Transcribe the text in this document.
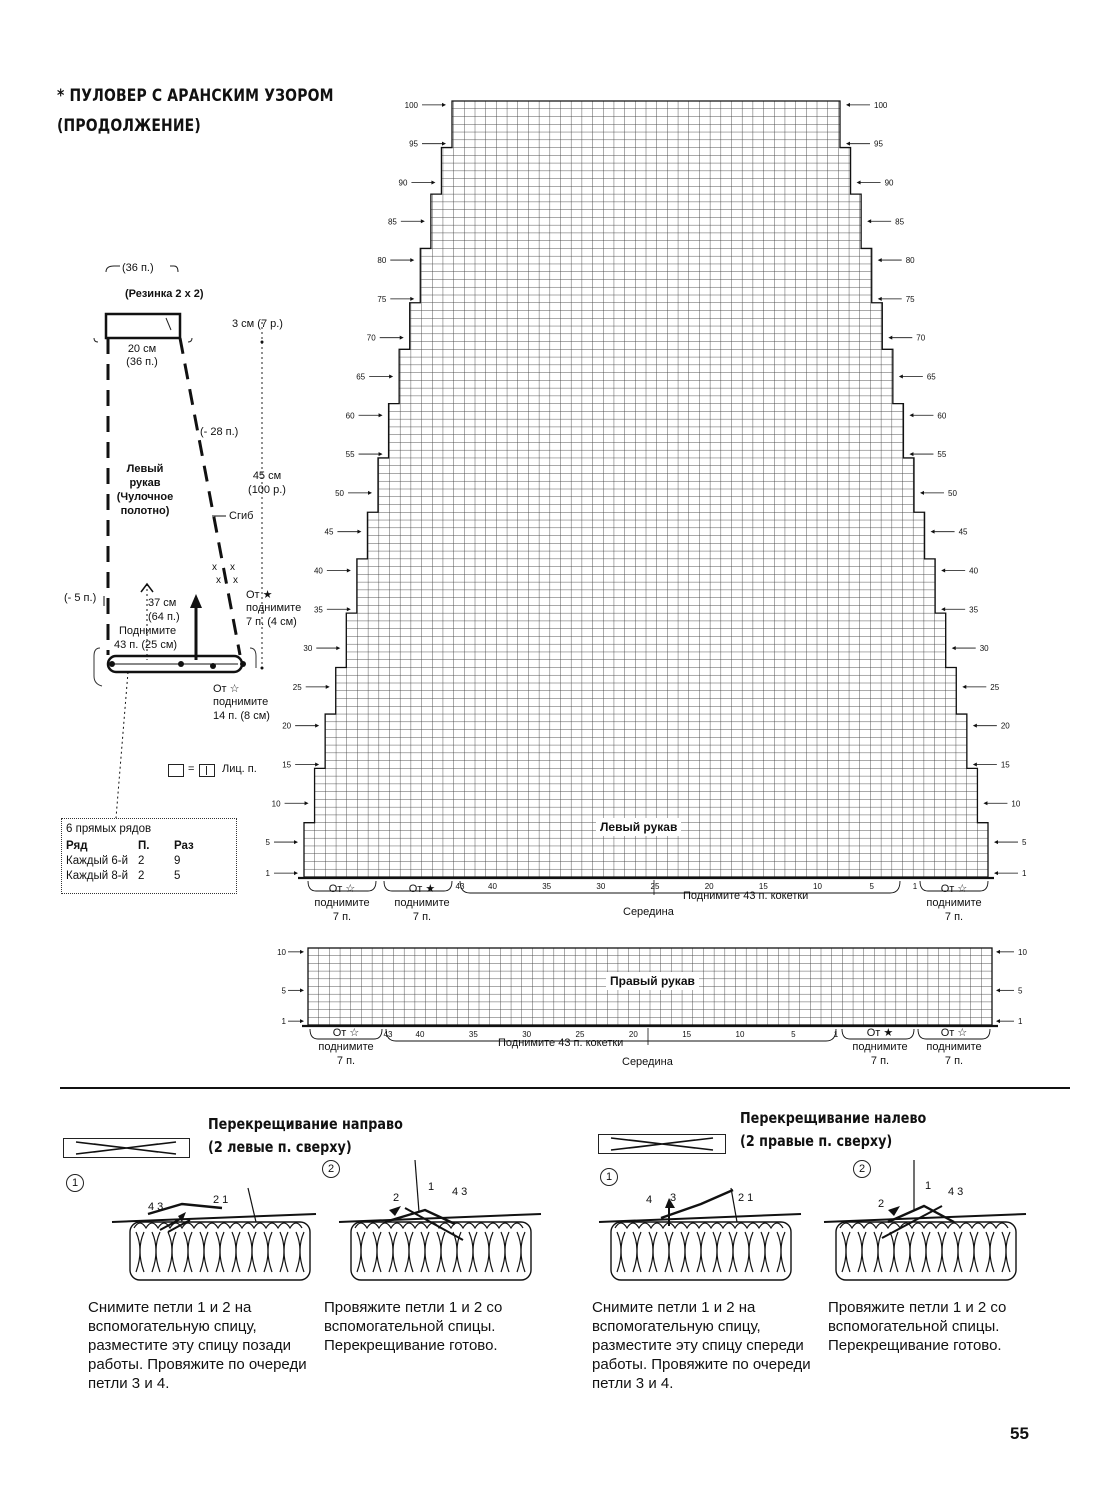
* ПУЛОВЕР С АРАНСКИМ УЗОРОМ
(ПРОДОЛЖЕНИЕ)
x x
x x
(36 п.)
(Резинка 2 х 2)
3 см (7 р.)
20 см
(36 п.)
(- 28 п.)
Левый
рукав
(Чулочное
полотно)
45 см
(100 р.)
Сгиб
От ★
поднимите
7 п. (4 см)
(- 5 п.)	37 см
(64 п.)
Поднимите
43 п. (25 см)
От ☆
поднимите
14 п. (8 см)
=	Лиц. п.
6 прямых рядов
Ряд	П.	Раз
Каждый 6-й	2	9
Каждый 8-й	2	5
100
95
90
85
80
75
70
65
60
55
50
45
40
35
30
25
20
15
10
5
1
100
95
90
85
80
75
70
65
60
55
50
45
40
35
30
25
20
15
10
5
1
43	40	35	30	25	20	15	10	5	1
10
5
1
10
5
1
43	40	35	30	25	20	15	10	5	1
Левый рукав
От ☆
поднимите
7 п.
От ★
поднимите
7 п.
От ☆
поднимите
7 п.
Поднимите 43 п. кокетки
Середина
Правый рукав
От ☆
поднимите
7 п.
От ★
поднимите
7 п.
От ☆
поднимите
7 п.
Поднимите 43 п. кокетки
Середина
Перекрещивание направо
(2 левые п. сверху)
1
2
4 3
2 1	2
1 4 3
Снимите петли 1 и 2 на вспомогательную спицу, разместите эту спицу позади работы. Провяжите по очереди петли 3 и 4.
Провяжите петли 1 и 2 со вспомогательной спицы. Перекрещивание готово.
Перекрещивание налево
(2 правые п. сверху)
1
2
4 3	2 1
1 4 3
2
Снимите петли 1 и 2 на вспомогательную спицу, разместите эту спицу спереди работы. Провяжите по очереди петли 3 и 4.
Провяжите петли 1 и 2 со вспомогательной спицы. Перекрещивание готово.
55
